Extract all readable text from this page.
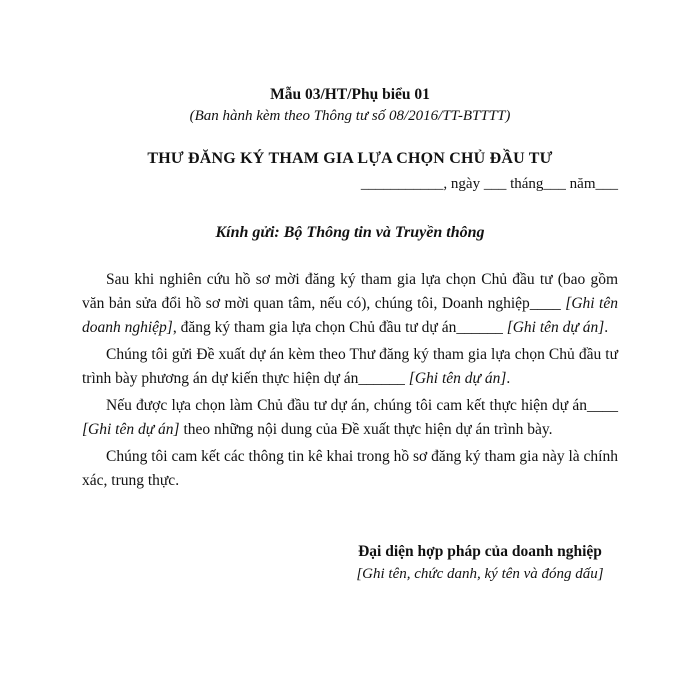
Mẫu 03/HT/Phụ biểu 01
(Ban hành kèm theo Thông tư số 08/2016/TT-BTTTT)
THƯ ĐĂNG KÝ THAM GIA LỰA CHỌN CHỦ ĐẦU TƯ
___________, ngày ___ tháng___ năm___
Kính gửi: Bộ Thông tin và Truyền thông

Sau khi nghiên cứu hồ sơ mời đăng ký tham gia lựa chọn Chủ đầu tư (bao gồm văn bản sửa đổi hồ sơ mời quan tâm, nếu có), chúng tôi, Doanh nghiệp____ [Ghi tên doanh nghiệp], đăng ký tham gia lựa chọn Chủ đầu tư dự án______ [Ghi tên dự án].

Chúng tôi gửi Đề xuất dự án kèm theo Thư đăng ký tham gia lựa chọn Chủ đầu tư trình bày phương án dự kiến thực hiện dự án______ [Ghi tên dự án].

Nếu được lựa chọn làm Chủ đầu tư dự án, chúng tôi cam kết thực hiện dự án____ [Ghi tên dự án] theo những nội dung của Đề xuất thực hiện dự án trình bày.

Chúng tôi cam kết các thông tin kê khai trong hồ sơ đăng ký tham gia này là chính xác, trung thực.

Đại diện hợp pháp của doanh nghiệp
[Ghi tên, chức danh, ký tên và đóng dấu]
